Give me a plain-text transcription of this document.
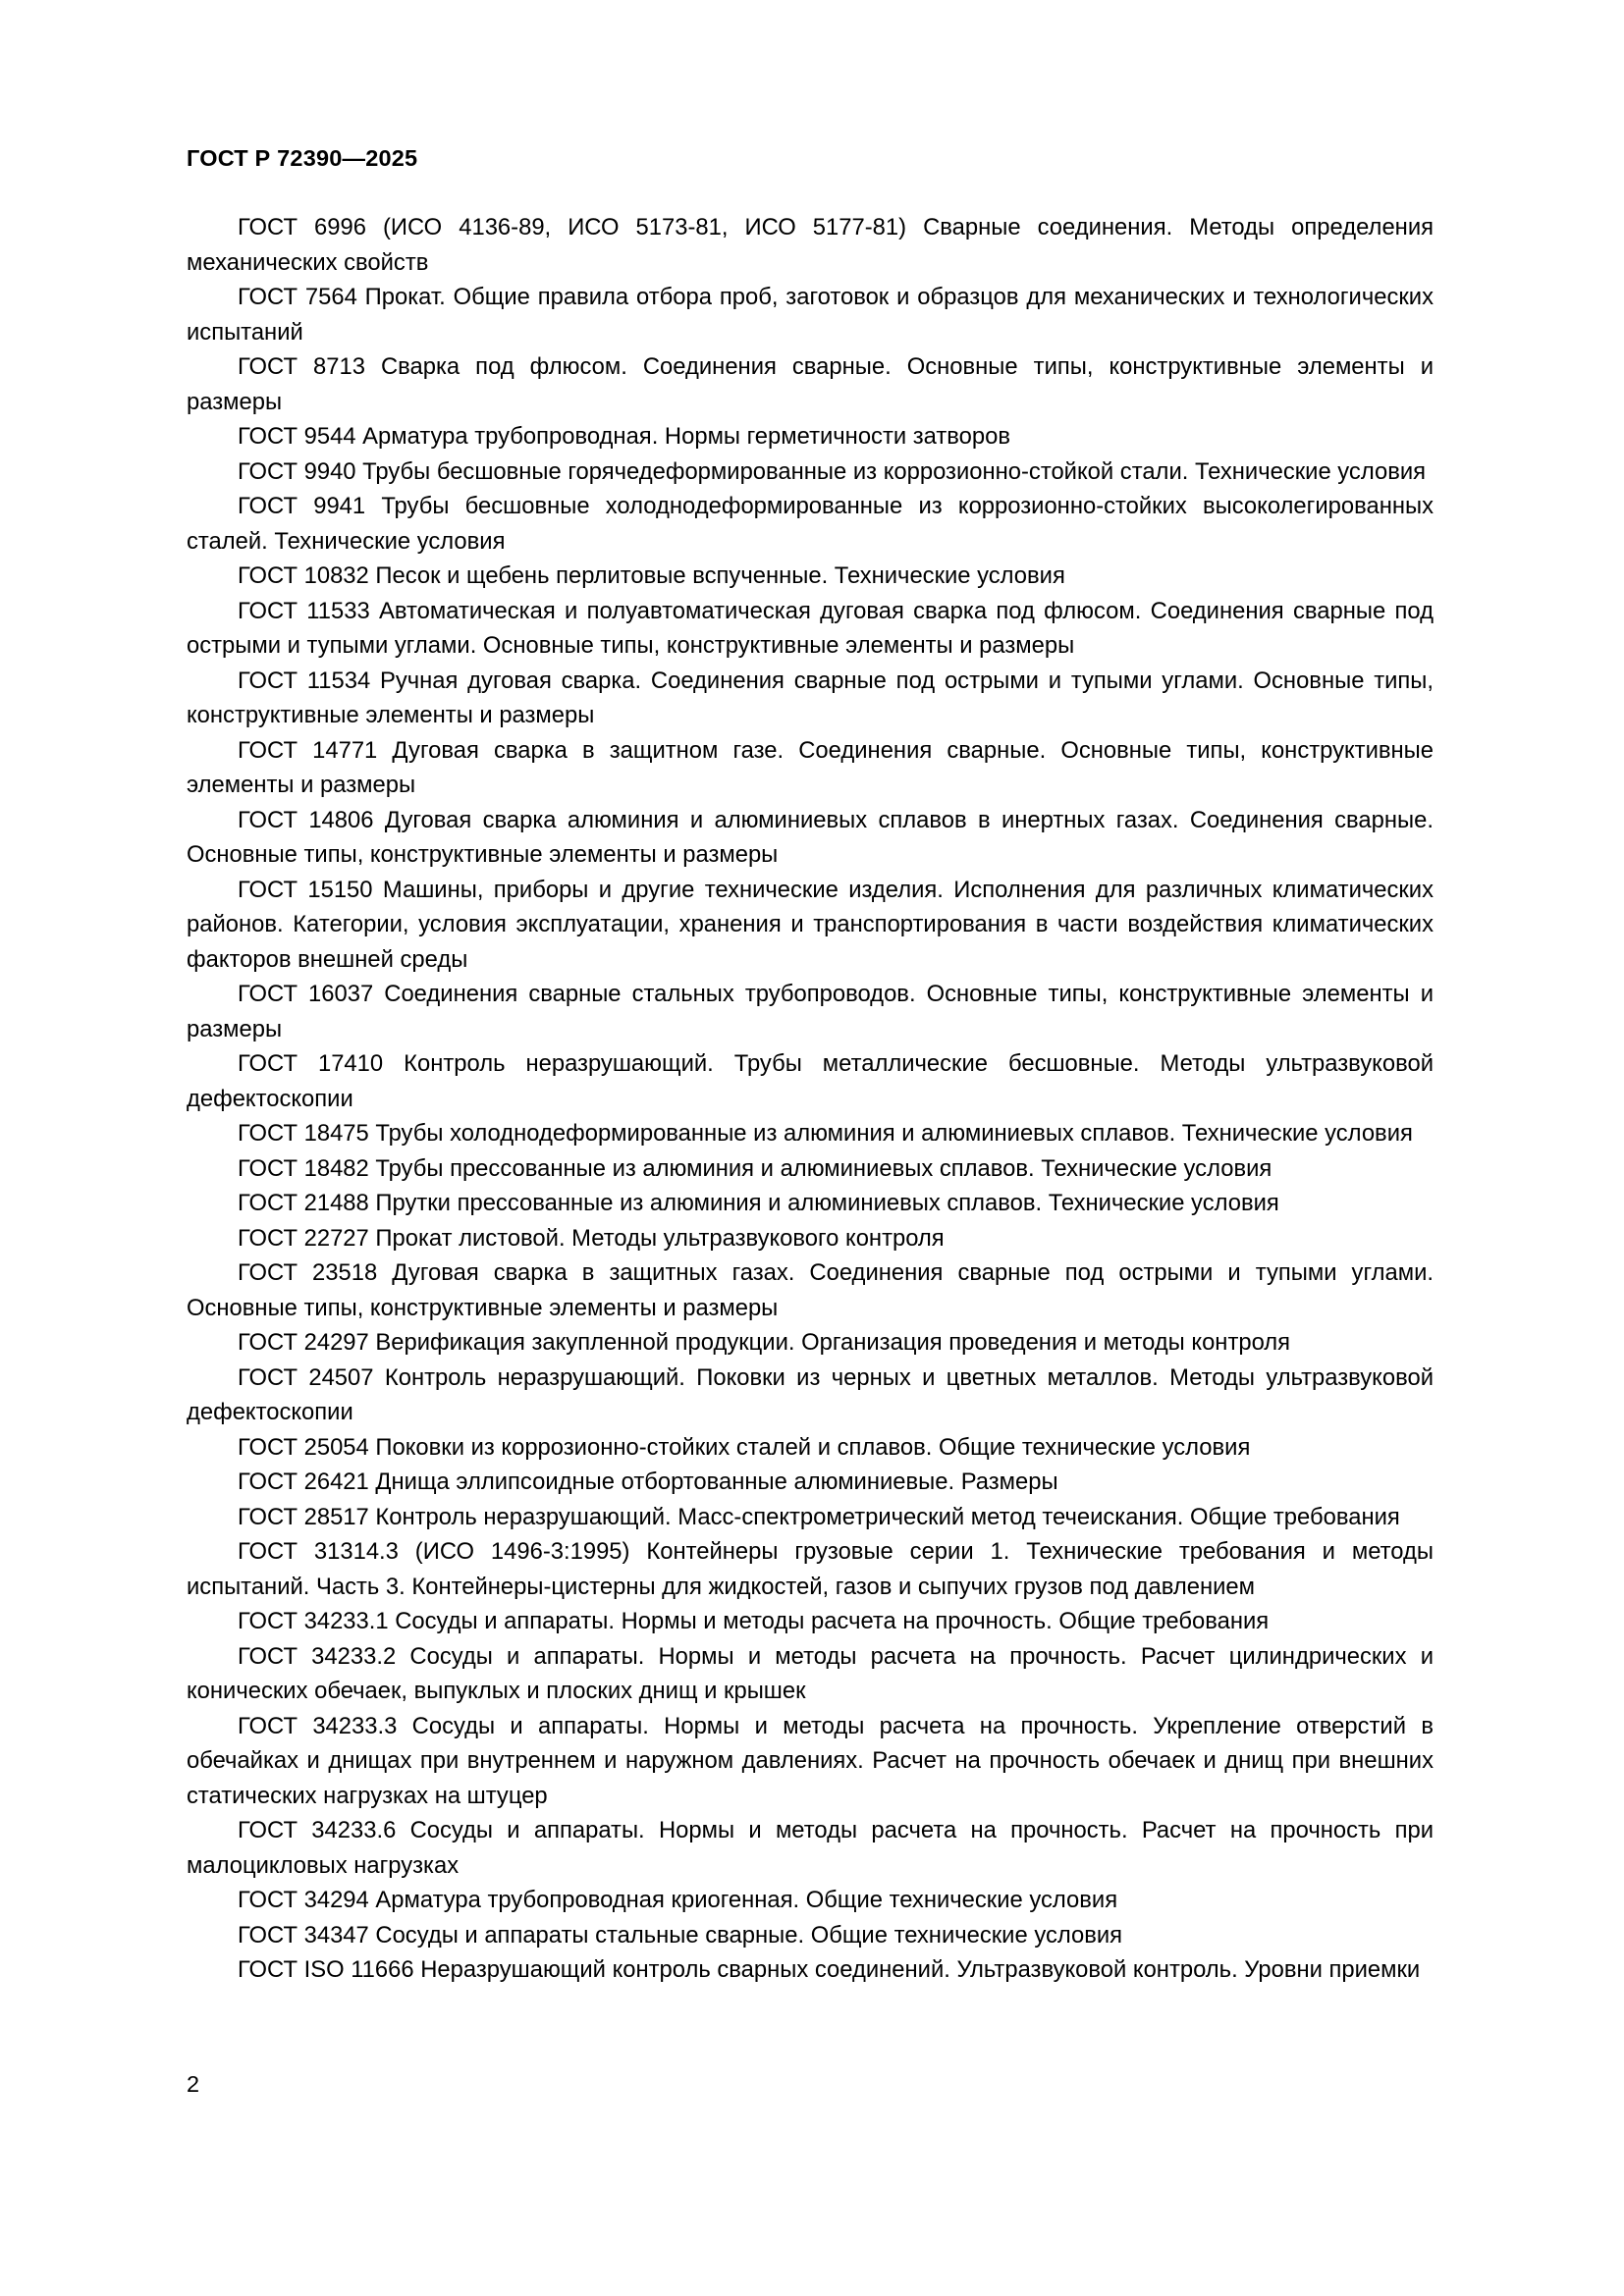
ГОСТ Р 72390—2025

ГОСТ 6996 (ИСО 4136-89, ИСО 5173-81, ИСО 5177-81) Сварные соединения. Методы определения механических свойств

ГОСТ 7564 Прокат. Общие правила отбора проб, заготовок и образцов для механических и технологических испытаний

ГОСТ 8713 Сварка под флюсом. Соединения сварные. Основные типы, конструктивные элементы и размеры

ГОСТ 9544 Арматура трубопроводная. Нормы герметичности затворов

ГОСТ 9940 Трубы бесшовные горячедеформированные из коррозионно-стойкой стали. Технические условия

ГОСТ 9941 Трубы бесшовные холоднодеформированные из коррозионно-стойких высоколегированных сталей. Технические условия

ГОСТ 10832 Песок и щебень перлитовые вспученные. Технические условия

ГОСТ 11533 Автоматическая и полуавтоматическая дуговая сварка под флюсом. Соединения сварные под острыми и тупыми углами. Основные типы, конструктивные элементы и размеры

ГОСТ 11534 Ручная дуговая сварка. Соединения сварные под острыми и тупыми углами. Основные типы, конструктивные элементы и размеры

ГОСТ 14771 Дуговая сварка в защитном газе. Соединения сварные. Основные типы, конструктивные элементы и размеры

ГОСТ 14806 Дуговая сварка алюминия и алюминиевых сплавов в инертных газах. Соединения сварные. Основные типы, конструктивные элементы и размеры

ГОСТ 15150 Машины, приборы и другие технические изделия. Исполнения для различных климатических районов. Категории, условия эксплуатации, хранения и транспортирования в части воздействия климатических факторов внешней среды

ГОСТ 16037 Соединения сварные стальных трубопроводов. Основные типы, конструктивные элементы и размеры

ГОСТ 17410 Контроль неразрушающий. Трубы металлические бесшовные. Методы ультразвуковой дефектоскопии

ГОСТ 18475 Трубы холоднодеформированные из алюминия и алюминиевых сплавов. Технические условия

ГОСТ 18482 Трубы прессованные из алюминия и алюминиевых сплавов. Технические условия

ГОСТ 21488 Прутки прессованные из алюминия и алюминиевых сплавов. Технические условия

ГОСТ 22727 Прокат листовой. Методы ультразвукового контроля

ГОСТ 23518 Дуговая сварка в защитных газах. Соединения сварные под острыми и тупыми углами. Основные типы, конструктивные элементы и размеры

ГОСТ 24297 Верификация закупленной продукции. Организация проведения и методы контроля

ГОСТ 24507 Контроль неразрушающий. Поковки из черных и цветных металлов. Методы ультразвуковой дефектоскопии

ГОСТ 25054 Поковки из коррозионно-стойких сталей и сплавов. Общие технические условия

ГОСТ 26421 Днища эллипсоидные отбортованные алюминиевые. Размеры

ГОСТ 28517 Контроль неразрушающий. Масс-спектрометрический метод течеискания. Общие требования

ГОСТ 31314.3 (ИСО 1496-3:1995) Контейнеры грузовые серии 1. Технические требования и методы испытаний. Часть 3. Контейнеры-цистерны для жидкостей, газов и сыпучих грузов под давлением

ГОСТ 34233.1 Сосуды и аппараты. Нормы и методы расчета на прочность. Общие требования

ГОСТ 34233.2 Сосуды и аппараты. Нормы и методы расчета на прочность. Расчет цилиндрических и конических обечаек, выпуклых и плоских днищ и крышек

ГОСТ 34233.3 Сосуды и аппараты. Нормы и методы расчета на прочность. Укрепление отверстий в обечайках и днищах при внутреннем и наружном давлениях. Расчет на прочность обечаек и днищ при внешних статических нагрузках на штуцер

ГОСТ 34233.6 Сосуды и аппараты. Нормы и методы расчета на прочность. Расчет на прочность при малоцикловых нагрузках

ГОСТ 34294 Арматура трубопроводная криогенная. Общие технические условия

ГОСТ 34347 Сосуды и аппараты стальные сварные. Общие технические условия

ГОСТ ISO 11666 Неразрушающий контроль сварных соединений. Ультразвуковой контроль. Уровни приемки

2
